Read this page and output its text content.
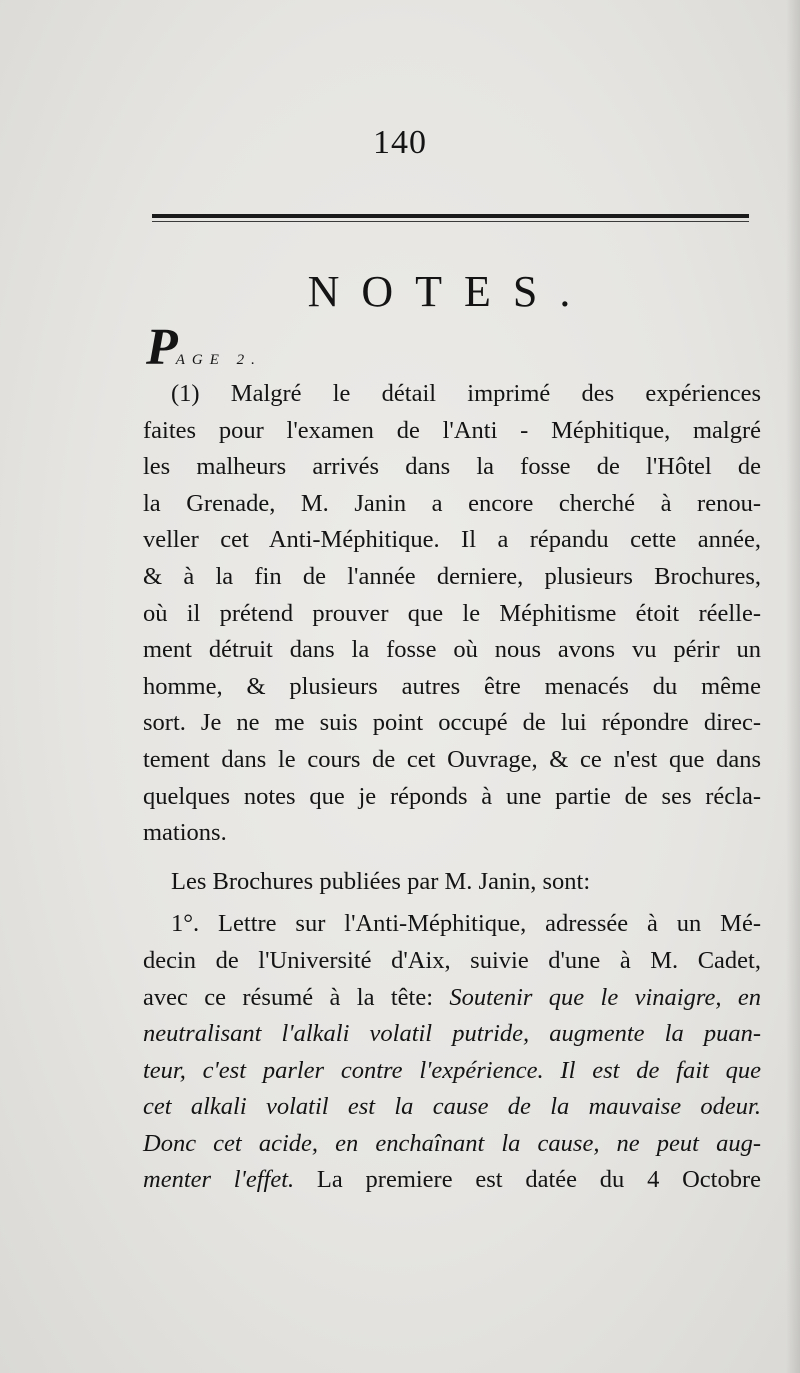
140
NOTES.
PAGE 2.

(1) Malgré le détail imprimé des expériences

faites pour l'examen de l'Anti - Méphitique, malgré

les malheurs arrivés dans la fosse de l'Hôtel de

la Grenade, M. Janin a encore cherché à renou-

veller cet Anti-Méphitique. Il a répandu cette année,

& à la fin de l'année derniere, plusieurs Brochures,

où il prétend prouver que le Méphitisme étoit réelle-

ment détruit dans la fosse où nous avons vu périr un

homme, & plusieurs autres être menacés du même

sort. Je ne me suis point occupé de lui répondre direc-

tement dans le cours de cet Ouvrage, & ce n'est que dans

quelques notes que je réponds à une partie de ses récla-

mations.

Les Brochures publiées par M. Janin, sont:

1°. Lettre sur l'Anti-Méphitique, adressée à un Mé-

decin de l'Université d'Aix, suivie d'une à M. Cadet,

avec ce résumé à la tête: Soutenir que le vinaigre, en

neutralisant l'alkali volatil putride, augmente la puan-

teur, c'est parler contre l'expérience. Il est de fait que

cet alkali volatil est la cause de la mauvaise odeur.

Donc cet acide, en enchaînant la cause, ne peut aug-

menter l'effet. La premiere est datée du 4 Octobre
